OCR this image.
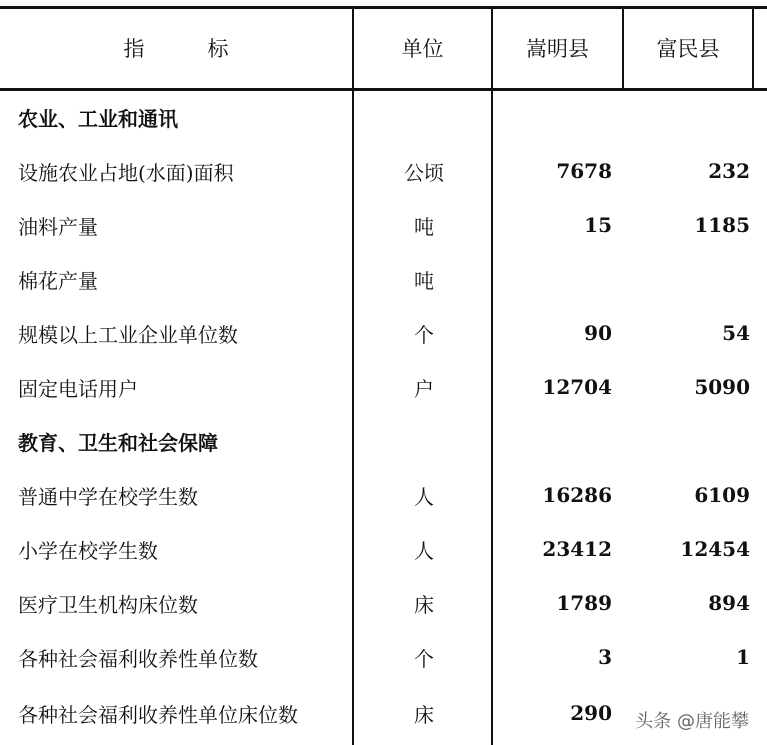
指　　　标	单位	嵩明县	富民县
农业、工业和通讯
设施农业占地(水面)面积	公顷	7678	232
油料产量	吨	15	1185
棉花产量	吨
规模以上工业企业单位数	个	90	54
固定电话用户	户	12704	5090
教育、卫生和社会保障
普通中学在校学生数	人	16286	6109
小学在校学生数	人	23412	12454
医疗卫生机构床位数	床	1789	894
各种社会福利收养性单位数	个	3	1
各种社会福利收养性单位床位数	床	290 头条 @唐能攀
